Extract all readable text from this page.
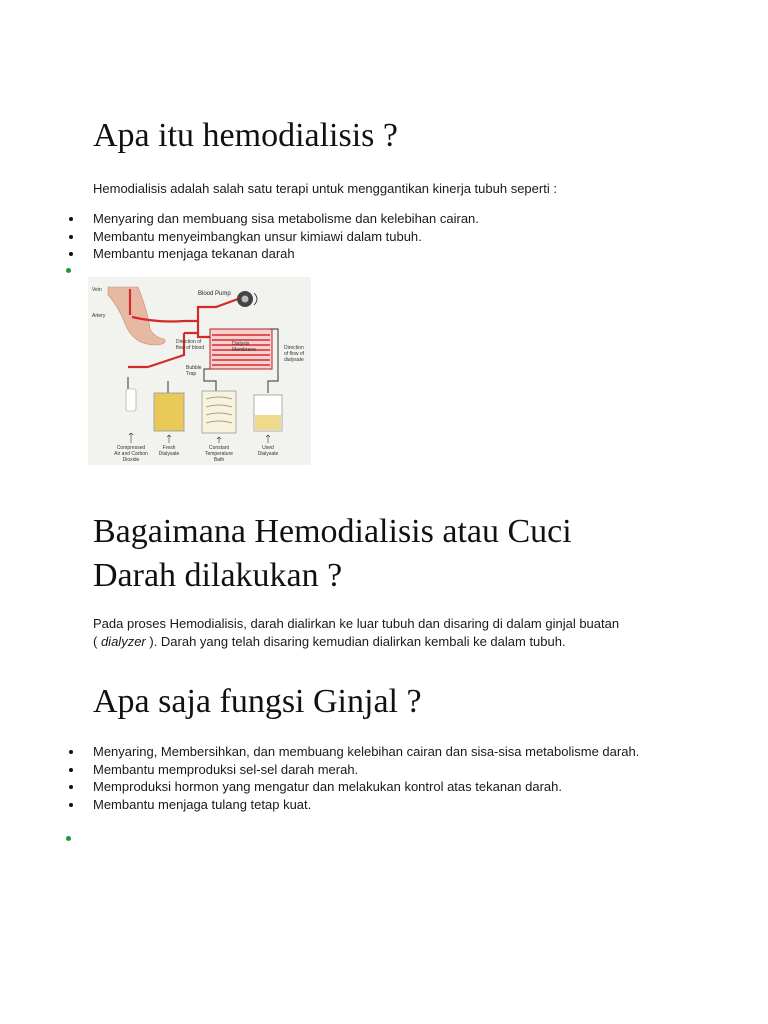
Apa itu hemodialisis ?

Hemodialisis adalah salah satu terapi untuk menggantikan kinerja tubuh seperti :

Menyaring dan membuang sisa metabolisme dan kelebihan cairan.
Membantu menyeimbangkan unsur kimiawi dalam tubuh.
Membantu menjaga tekanan darah
Vein
Artery
Blood Pump
Direction of
flow of blood
Dialysis
Membrane	Direction
of flow of
dialysate
Bubble
Trap
Compressed
Air and Carbon
Dioxide
Fresh
Dialysate
Constant
Temperature
Bath
Used
Dialysate
Bagaimana Hemodialisis atau Cuci
Darah dilakukan ?

Pada proses Hemodialisis, darah dialirkan ke luar tubuh dan disaring di dalam ginjal buatan
( dialyzer ). Darah yang telah disaring kemudian dialirkan kembali ke dalam tubuh.

Apa saja fungsi Ginjal ?
Menyaring, Membersihkan, dan membuang kelebihan cairan dan sisa-sisa metabolisme darah.
Membantu memproduksi sel-sel darah merah.
Memproduksi hormon yang mengatur dan melakukan kontrol atas tekanan darah.
Membantu menjaga tulang tetap kuat.
